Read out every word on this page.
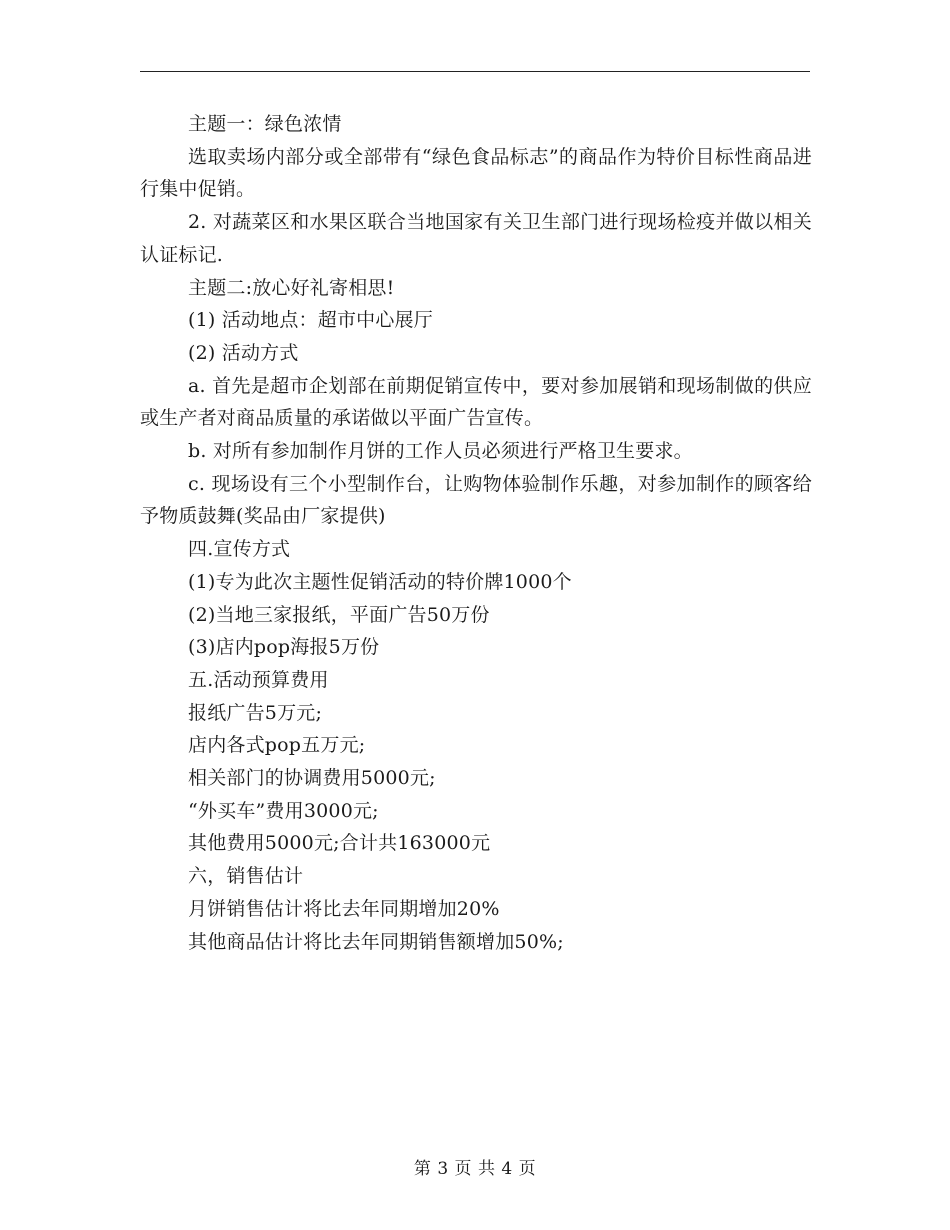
主题一：绿色浓情

选取卖场内部分或全部带有“绿色食品标志”的商品作为特价目标性商品进行集中促销。

2. 对蔬菜区和水果区联合当地国家有关卫生部门进行现场检疫并做以相关认证标记.

主题二:放心好礼寄相思!

(1) 活动地点：超市中心展厅

(2) 活动方式

a. 首先是超市企划部在前期促销宣传中，要对参加展销和现场制做的供应或生产者对商品质量的承诺做以平面广告宣传。

b. 对所有参加制作月饼的工作人员必须进行严格卫生要求。

c. 现场设有三个小型制作台，让购物体验制作乐趣，对参加制作的顾客给予物质鼓舞(奖品由厂家提供)

四.宣传方式

(1)专为此次主题性促销活动的特价牌1000个

(2)当地三家报纸，平面广告50万份

(3)店内pop海报5万份

五.活动预算费用

报纸广告5万元;

店内各式pop五万元;

相关部门的协调费用5000元;

“外买车”费用3000元;

其他费用5000元;合计共163000元

六，销售估计

月饼销售估计将比去年同期增加20%

其他商品估计将比去年同期销售额增加50%;

第 3 页 共 4 页
